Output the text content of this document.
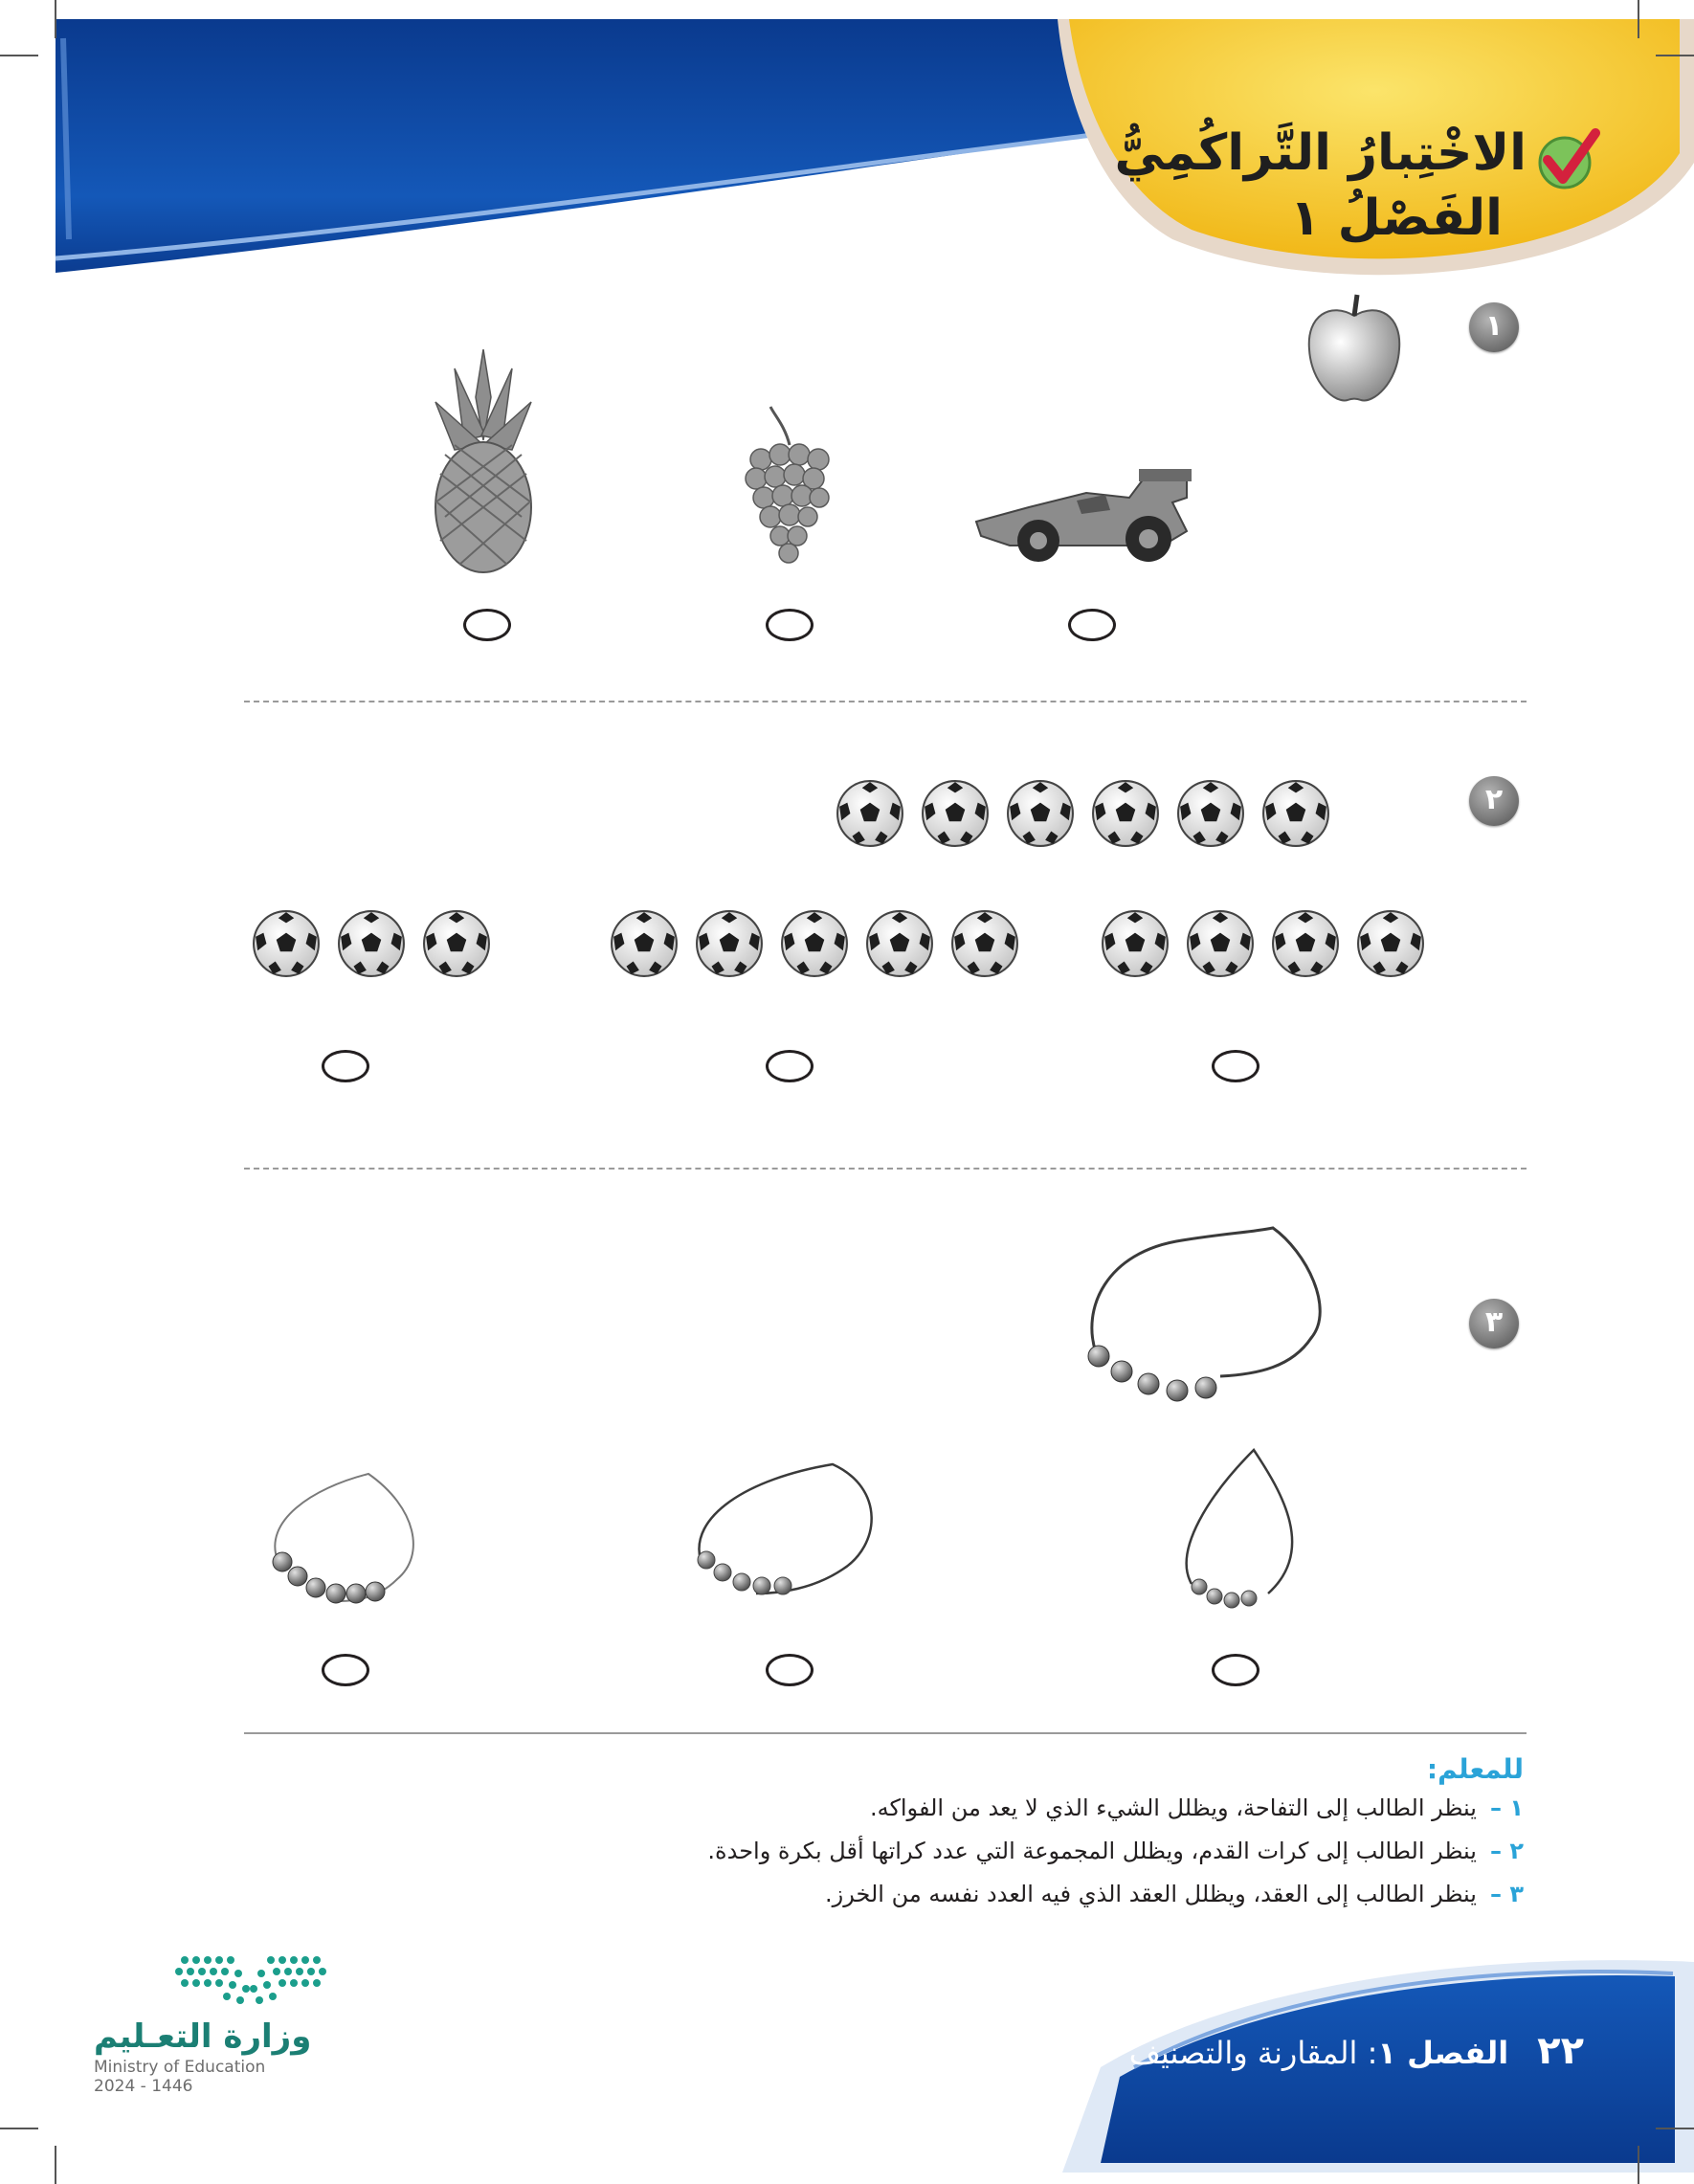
الاخْتِبارُ التَّراكُمِيُّ
الفَصْلُ ١
١
٢
٣
للمعلم:
١ –ينظر الطالب إلى التفاحة، ويظلل الشيء الذي لا يعد من الفواكه.
٢ –ينظر الطالب إلى كرات القدم، ويظلل المجموعة التي عدد كراتها أقل بكرة واحدة.
٣ –ينظر الطالب إلى العقد، ويظلل العقد الذي فيه العدد نفسه من الخرز.
٢٢الفصل ١: المقارنة والتصنيف
وزارة التعـليم
Ministry of Education
2024 - 1446
